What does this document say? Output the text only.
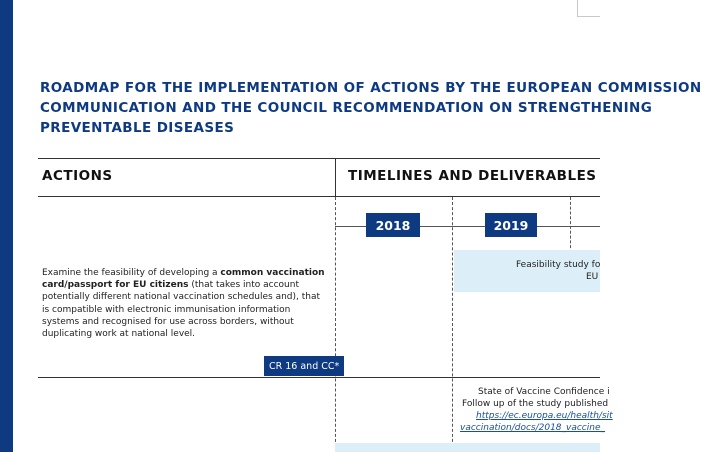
ROADMAP FOR THE IMPLEMENTATION OF ACTIONS BY THE EUROPEAN COMMISSION
COMMUNICATION AND THE COUNCIL RECOMMENDATION ON STRENGTHENING
PREVENTABLE DISEASES
ACTIONS	TIMELINES AND DELIVERABLES
2018	2019

Examine the feasibility of developing a common vaccination card/passport for EU citizens (that takes into account potentially different national vaccination schedules and), that is compatible with electronic immunisation information systems and recognised for use across borders, without duplicating work at national level.

CR 16 and CC*
Feasibility study fo
EU
State of Vaccine Confidence i
Follow up of the study published
https://ec.europa.eu/health/sit
vaccination/docs/2018_vaccine_
